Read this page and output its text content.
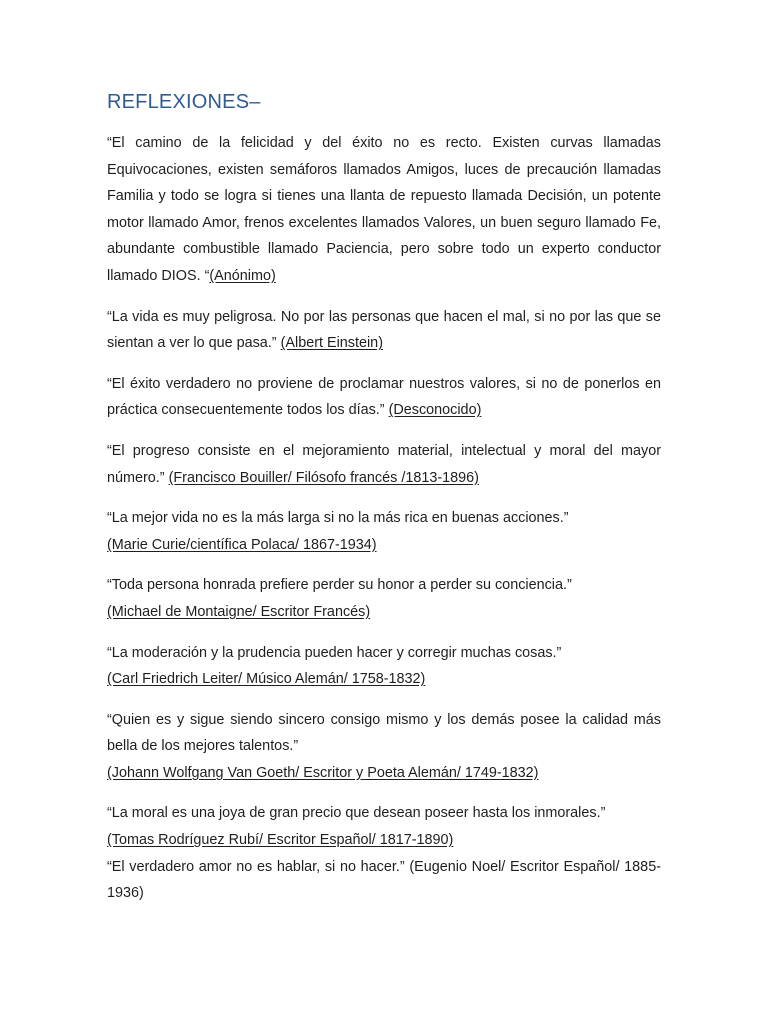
REFLEXIONES–

“El camino de la felicidad y del éxito no es recto. Existen curvas llamadas Equivocaciones, existen semáforos llamados Amigos, luces de precaución llamadas Familia y todo se logra si tienes una llanta de repuesto llamada Decisión, un potente motor llamado Amor, frenos excelentes llamados Valores, un buen seguro llamado Fe, abundante combustible llamado Paciencia, pero sobre todo un experto conductor llamado DIOS. “(Anónimo)

“La vida es muy peligrosa. No por las personas que hacen el mal, si no por las que se sientan a ver lo que pasa.” (Albert Einstein)

“El éxito verdadero no proviene de proclamar nuestros valores, si no de ponerlos en práctica consecuentemente todos los días.” (Desconocido)

“El progreso consiste en el mejoramiento material, intelectual y moral del mayor número.” (Francisco Bouiller/ Filósofo francés /1813-1896)

“La mejor vida no es la más larga si no la más rica en buenas acciones.”
(Marie Curie/científica Polaca/ 1867-1934)

“Toda persona honrada prefiere perder su honor a perder su conciencia.”
(Michael de Montaigne/ Escritor Francés)

“La moderación y la prudencia pueden hacer y corregir muchas cosas.”
(Carl Friedrich Leiter/ Músico Alemán/ 1758-1832)

“Quien es y sigue siendo sincero consigo mismo y los demás posee la calidad más bella de los mejores talentos.”
(Johann Wolfgang Van Goeth/ Escritor y Poeta Alemán/ 1749-1832)

“La moral es una joya de gran precio que desean poseer hasta los inmorales.”
(Tomas Rodríguez Rubí/ Escritor Español/ 1817-1890)

“El verdadero amor no es hablar, si no hacer.” (Eugenio Noel/ Escritor Español/ 1885-1936)
